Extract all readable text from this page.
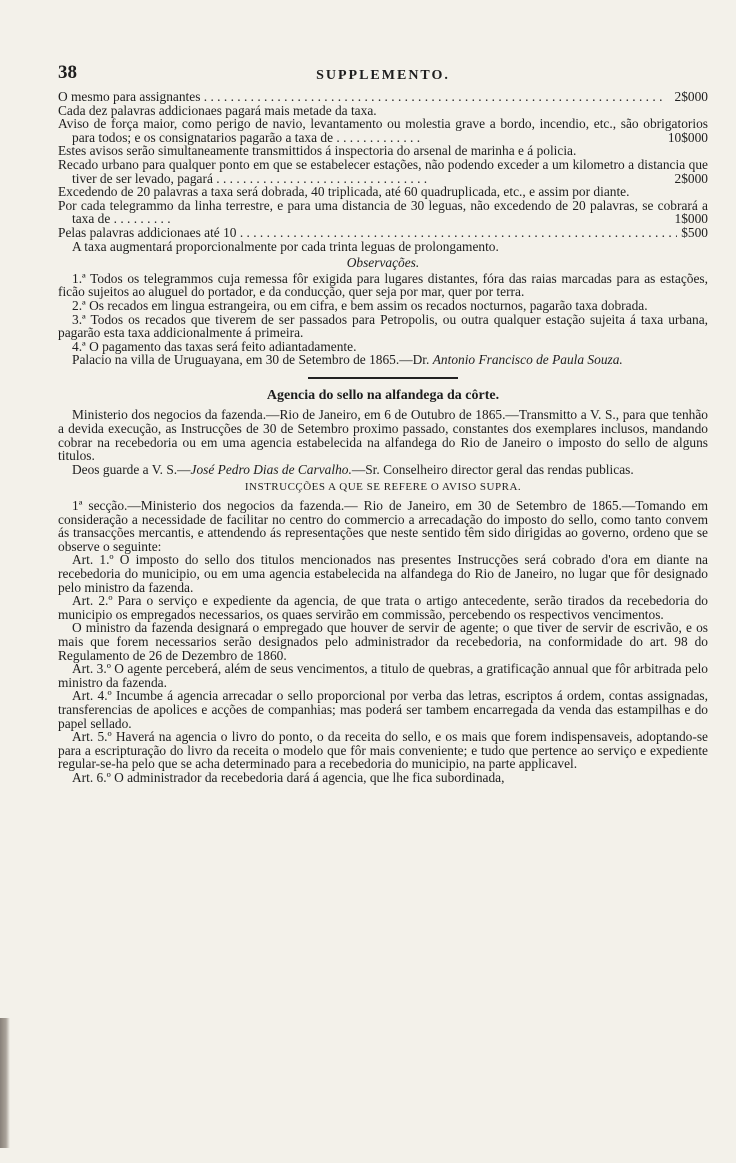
38	SUPPLEMENTO.
O mesmo para assignantes . . .	2$000

Cada dez palavras addicionaes pagará mais metade da taxa.

Aviso de força maior, como perigo de navio, levantamento ou molestia grave a bordo, incendio, etc., são obrigatorios para todos; e os consignatarios pagarão a taxa de . . . . . . . . . . . . .	10$000

Estes avisos serão simultaneamente transmittidos á inspectoria do arsenal de marinha e á policia.

Recado urbano para qualquer ponto em que se estabelecer estações, não podendo exceder a um kilometro a distancia que tiver de ser levado, pagará . . . . . . . . . . . . . . . . . . . . . . . . . . . . . . . .	2$000

Excedendo de 20 palavras a taxa será dobrada, 40 triplicada, até 60 quadruplicada, etc., e assim por diante.

Por cada telegrammo da linha terrestre, e para uma distancia de 30 leguas, não excedendo de 20 palavras, se cobrará a taxa de . . . . . . . . .	1$000

Pelas palavras addicionaes até 10 . . .	$500

A taxa augmentará proporcionalmente por cada trinta leguas de prolongamento.

Observações.

1.ª Todos os telegrammos cuja remessa fôr exigida para lugares distantes, fóra das raias marcadas para as estações, ficão sujeitos ao aluguel do portador, e da conducção, quer seja por mar, quer por terra.

2.ª Os recados em lingua estrangeira, ou em cifra, e bem assim os recados nocturnos, pagarão taxa dobrada.

3.ª Todos os recados que tiverem de ser passados para Petropolis, ou outra qualquer estação sujeita á taxa urbana, pagarão esta taxa addicionalmente á primeira.

4.ª O pagamento das taxas será feito adiantadamente.

Palacio na villa de Uruguayana, em 30 de Setembro de 1865.—Dr. Antonio Francisco de Paula Souza.

Agencia do sello na alfandega da côrte.

Ministerio dos negocios da fazenda.—Rio de Janeiro, em 6 de Outubro de 1865.—Transmitto a V. S., para que tenhão a devida execução, as Instrucções de 30 de Setembro proximo passado, constantes dos exemplares inclusos, mandando cobrar na recebedoria ou em uma agencia estabelecida na alfandega do Rio de Janeiro o imposto do sello de alguns titulos.

Deos guarde a V. S.—José Pedro Dias de Carvalho.—Sr. Conselheiro director geral das rendas publicas.

INSTRUCÇÕES A QUE SE REFERE O AVISO SUPRA.

1ª secção.—Ministerio dos negocios da fazenda.— Rio de Janeiro, em 30 de Setembro de 1865.—Tomando em consideração a necessidade de facilitar no centro do commercio a arrecadação do imposto do sello, como tanto convem ás transacções mercantis, e attendendo ás representações que neste sentido têm sido dirigidas ao governo, ordeno que se observe o seguinte:

Art. 1.º O imposto do sello dos titulos mencionados nas presentes Instrucções será cobrado d'ora em diante na recebedoria do municipio, ou em uma agencia estabelecida na alfandega do Rio de Janeiro, no lugar que fôr designado pelo ministro da fazenda.

Art. 2.º Para o serviço e expediente da agencia, de que trata o artigo antecedente, serão tirados da recebedoria do municipio os empregados necessarios, os quaes servirão em commissão, percebendo os respectivos vencimentos.

O ministro da fazenda designará o empregado que houver de servir de agente; o que tiver de servir de escrivão, e os mais que forem necessarios serão designados pelo administrador da recebedoria, na conformidade do art. 98 do Regulamento de 26 de Dezembro de 1860.

Art. 3.º O agente perceberá, além de seus vencimentos, a titulo de quebras, a gratificação annual que fôr arbitrada pelo ministro da fazenda.

Art. 4.º Incumbe á agencia arrecadar o sello proporcional por verba das letras, escriptos á ordem, contas assignadas, transferencias de apolices e acções de companhias; mas poderá ser tambem encarregada da venda das estampilhas e do papel sellado.

Art. 5.º Haverá na agencia o livro do ponto, o da receita do sello, e os mais que forem indispensaveis, adoptando-se para a escripturação do livro da receita o modelo que fôr mais conveniente; e tudo que pertence ao serviço e expediente regular-se-ha pelo que se acha determinado para a recebedoria do municipio, na parte applicavel.

Art. 6.º O administrador da recebedoria dará á agencia, que lhe fica subordinada,
